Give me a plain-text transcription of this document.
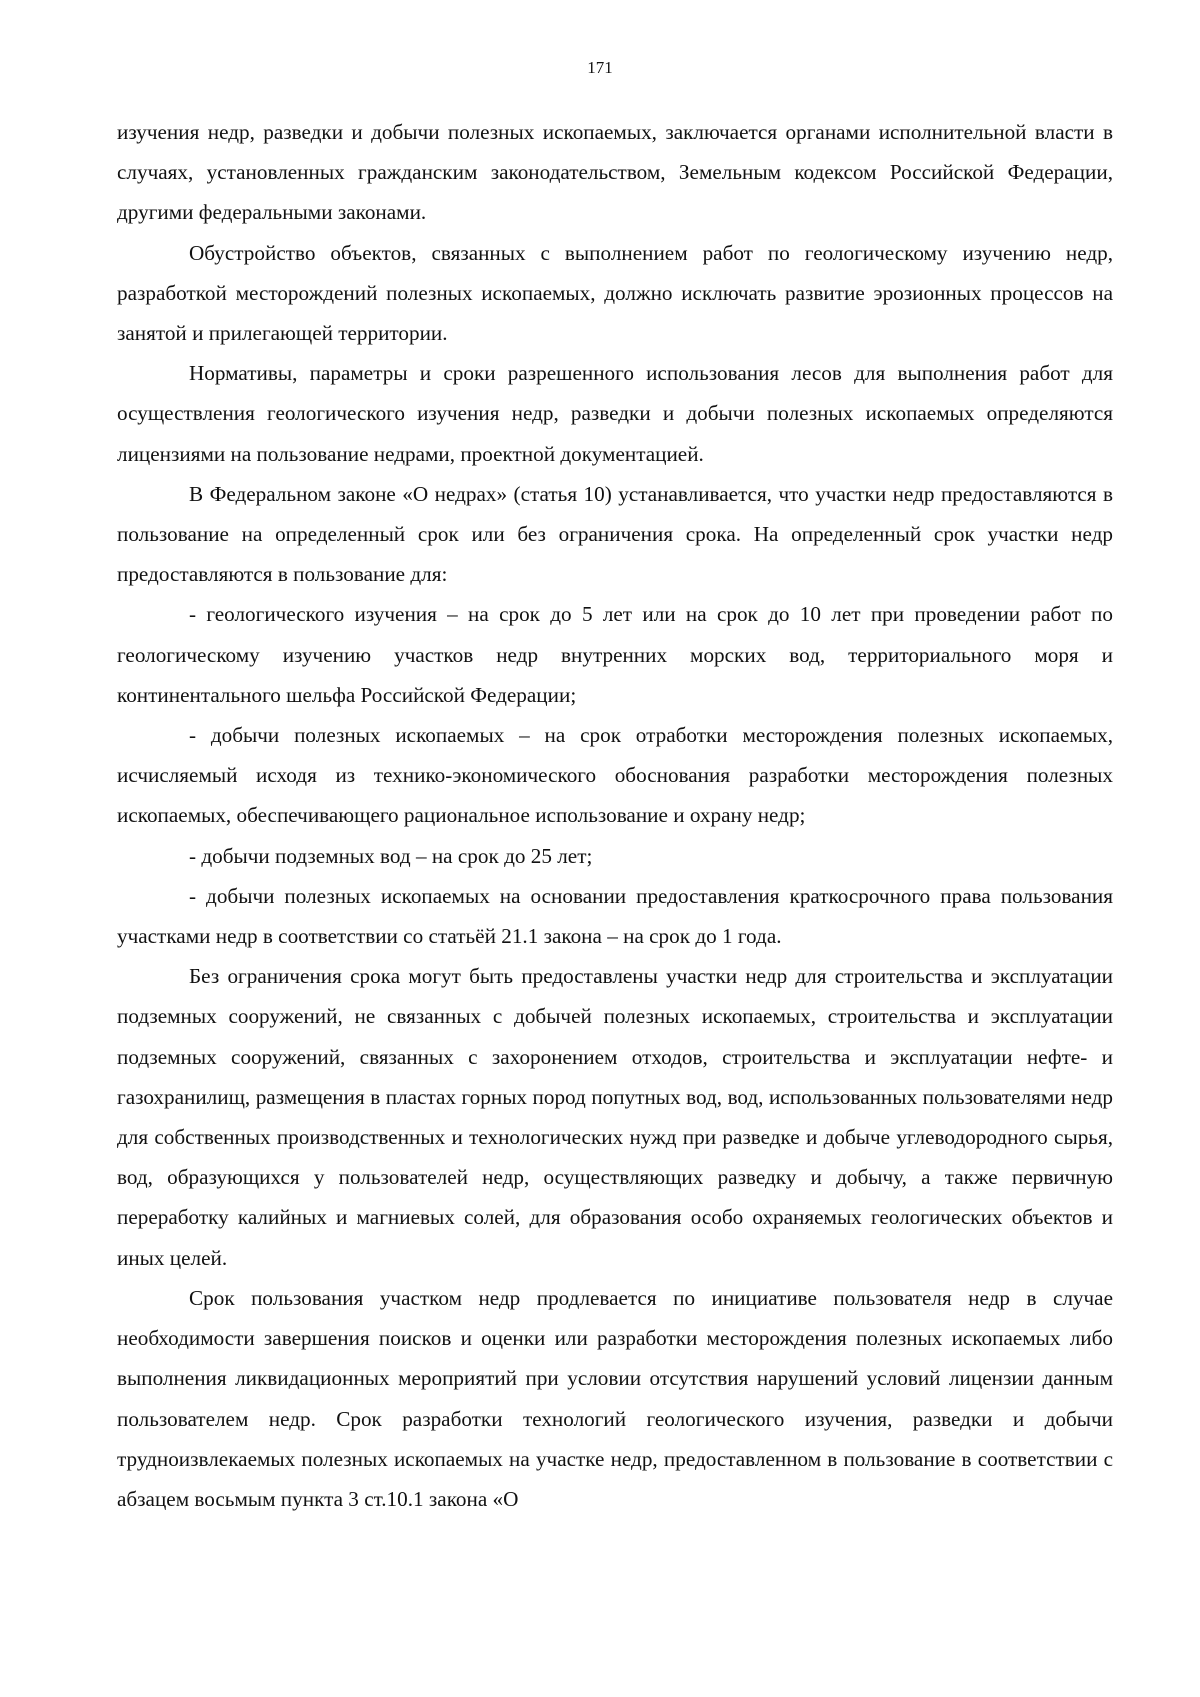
171

изучения недр, разведки и добычи полезных ископаемых, заключается органами исполнительной власти в случаях, установленных гражданским законодательством, Земельным кодексом Российской Федерации, другими федеральными законами.

Обустройство объектов, связанных с выполнением работ по геологическому изучению недр, разработкой месторождений полезных ископаемых, должно исключать развитие эрозионных процессов на занятой и прилегающей территории.

Нормативы, параметры и сроки разрешенного использования лесов для выполнения работ для осуществления геологического изучения недр, разведки и добычи полезных ископаемых определяются лицензиями на пользование недрами, проектной документацией.

В Федеральном законе «О недрах» (статья 10) устанавливается, что участки недр предоставляются в пользование на определенный срок или без ограничения срока. На определенный срок участки недр предоставляются в пользование для:

- геологического изучения – на срок до 5 лет или на срок до 10 лет при проведении работ по геологическому изучению участков недр внутренних морских вод, территориального моря и континентального шельфа Российской Федерации;

- добычи полезных ископаемых – на срок отработки месторождения полезных ископаемых, исчисляемый исходя из технико-экономического обоснования разработки месторождения полезных ископаемых, обеспечивающего рациональное использование и охрану недр;

- добычи подземных вод – на срок до 25 лет;

- добычи полезных ископаемых на основании предоставления краткосрочного права пользования участками недр в соответствии со статьёй 21.1 закона – на срок до 1 года.

Без ограничения срока могут быть предоставлены участки недр для строительства и эксплуатации подземных сооружений, не связанных с добычей полезных ископаемых, строительства и эксплуатации подземных сооружений, связанных с захоронением отходов, строительства и эксплуатации нефте- и газохранилищ, размещения в пластах горных пород попутных вод, вод, использованных пользователями недр для собственных производственных и технологических нужд при разведке и добыче углеводородного сырья, вод, образующихся у пользователей недр, осуществляющих разведку и добычу, а также первичную переработку калийных и магниевых солей, для образования особо охраняемых геологических объектов и иных целей.

Срок пользования участком недр продлевается по инициативе пользователя недр в случае необходимости завершения поисков и оценки или разработки месторождения полезных ископаемых либо выполнения ликвидационных мероприятий при условии отсутствия нарушений условий лицензии данным пользователем недр. Срок разработки технологий геологического изучения, разведки и добычи трудноизвлекаемых полезных ископаемых на участке недр, предоставленном в пользование в соответствии с абзацем восьмым пункта 3 ст.10.1 закона «О
